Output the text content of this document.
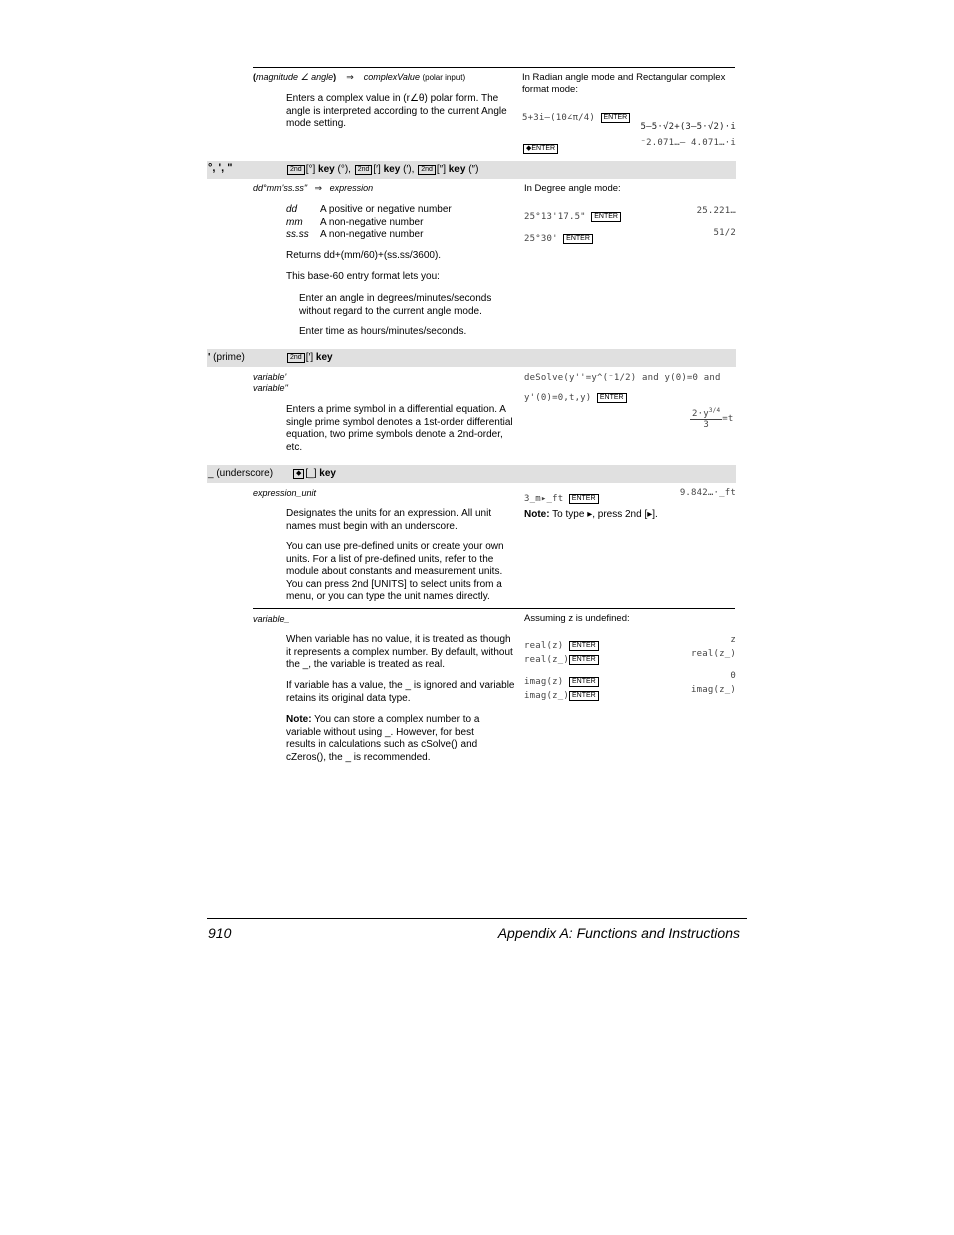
(magnitude ∠ angle) ⇒ complexValue (polar input)
Enters a complex value in (r∠θ) polar form. The angle is interpreted according to the current Angle mode setting.
In Radian angle mode and Rectangular complex format mode:
5+3i–(10∠π/4) ENTER
5–5·√2+(3–5·√2)·i
◆ENTER
⁻2.071…– 4.071…·i
°, ', "	2nd [°] key (°), 2nd [′] key (′), 2nd [″] key (″)
dd°mm'ss.ss" ⇒ expression
dd A positive or negative number
mm A non-negative number
ss.ss A non-negative number
Returns dd+(mm/60)+(ss.ss/3600).
This base-60 entry format lets you:
Enter an angle in degrees/minutes/seconds without regard to the current angle mode.
Enter time as hours/minutes/seconds.
In Degree angle mode:
25°13'17.5" ENTER
25.221…
25°30' ENTER
51/2
' (prime)	2nd [′] key
variable'
variable''
Enters a prime symbol in a differential equation. A single prime symbol denotes a 1st-order differential equation, two prime symbols denote a 2nd-order, etc.
deSolve(y''=y^(⁻1/2) and y(0)=0 and
y'(0)=0,t,y) ENTER
$\frac{2\cdot y^{3/4}}{3} =t$
_ (underscore)	◆ [_] key
expression_unit
Designates the units for an expression. All unit names must begin with an underscore.
You can use pre-defined units or create your own units. For a list of pre-defined units, refer to the module about constants and measurement units. You can press 2nd [UNITS] to select units from a menu, or you can type the unit names directly.
3_m▸_ft ENTER
9.842…·_ft
Note: To type ▸, press 2nd [▸].
variable_	Assuming z is undefined:
When variable has no value, it is treated as though it represents a complex number. By default, without the _, the variable is treated as real.
If variable has a value, the _ is ignored and variable retains its original data type.
Note: You can store a complex number to a variable without using _. However, for best results in calculations such as cSolve() and cZeros(), the _ is recommended.
real(z) ENTER
z
real(z_) ENTER
real(z_)
imag(z) ENTER
0
imag(z_) ENTER
imag(z_)
910	Appendix A: Functions and Instructions
